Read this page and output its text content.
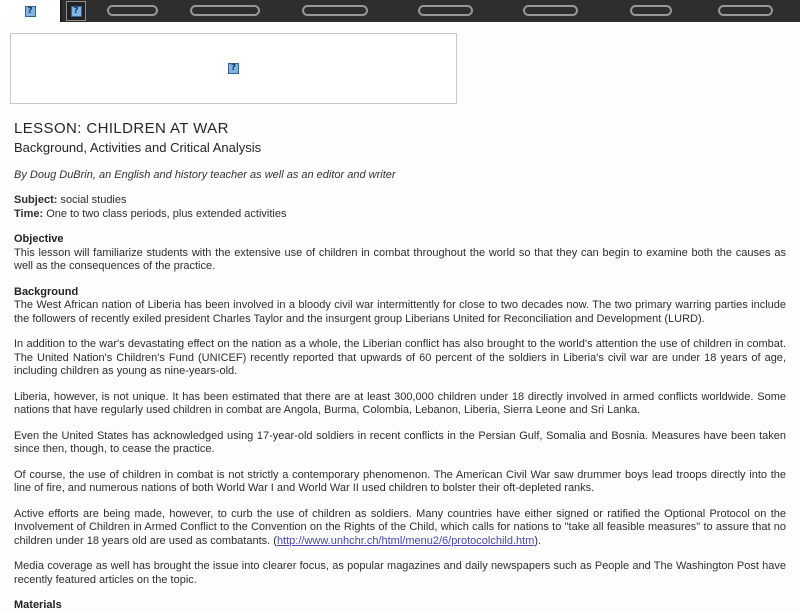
?	?
?
LESSON: CHILDREN AT WAR
Background, Activities and Critical Analysis
By Doug DuBrin, an English and history teacher as well as an editor and writer
Subject: social studies
Time: One to two class periods, plus extended activities
Objective

This lesson will familiarize students with the extensive use of children in combat throughout the world so that they can begin to examine both the causes as well as the consequences of the practice.

Background

The West African nation of Liberia has been involved in a bloody civil war intermittently for close to two decades now. The two primary warring parties include the followers of recently exiled president Charles Taylor and the insurgent group Liberians United for Reconciliation and Development (LURD).

In addition to the war's devastating effect on the nation as a whole, the Liberian conflict has also brought to the world's attention the use of children in combat. The United Nation's Children's Fund (UNICEF) recently reported that upwards of 60 percent of the soldiers in Liberia's civil war are under 18 years of age, including children as young as nine-years-old.

Liberia, however, is not unique. It has been estimated that there are at least 300,000 children under 18 directly involved in armed conflicts worldwide. Some nations that have regularly used children in combat are Angola, Burma, Colombia, Lebanon, Liberia, Sierra Leone and Sri Lanka.

Even the United States has acknowledged using 17-year-old soldiers in recent conflicts in the Persian Gulf, Somalia and Bosnia. Measures have been taken since then, though, to cease the practice.

Of course, the use of children in combat is not strictly a contemporary phenomenon. The American Civil War saw drummer boys lead troops directly into the line of fire, and numerous nations of both World War I and World War II used children to bolster their oft-depleted ranks.

Active efforts are being made, however, to curb the use of children as soldiers. Many countries have either signed or ratified the Optional Protocol on the Involvement of Children in Armed Conflict to the Convention on the Rights of the Child, which calls for nations to "take all feasible measures" to assure that no children under 18 years old are used as combatants. (http://www.unhchr.ch/html/menu2/6/protocolchild.htm).

Media coverage as well has brought the issue into clearer focus, as popular magazines and daily newspapers such as People and The Washington Post have recently featured articles on the topic.

Materials
